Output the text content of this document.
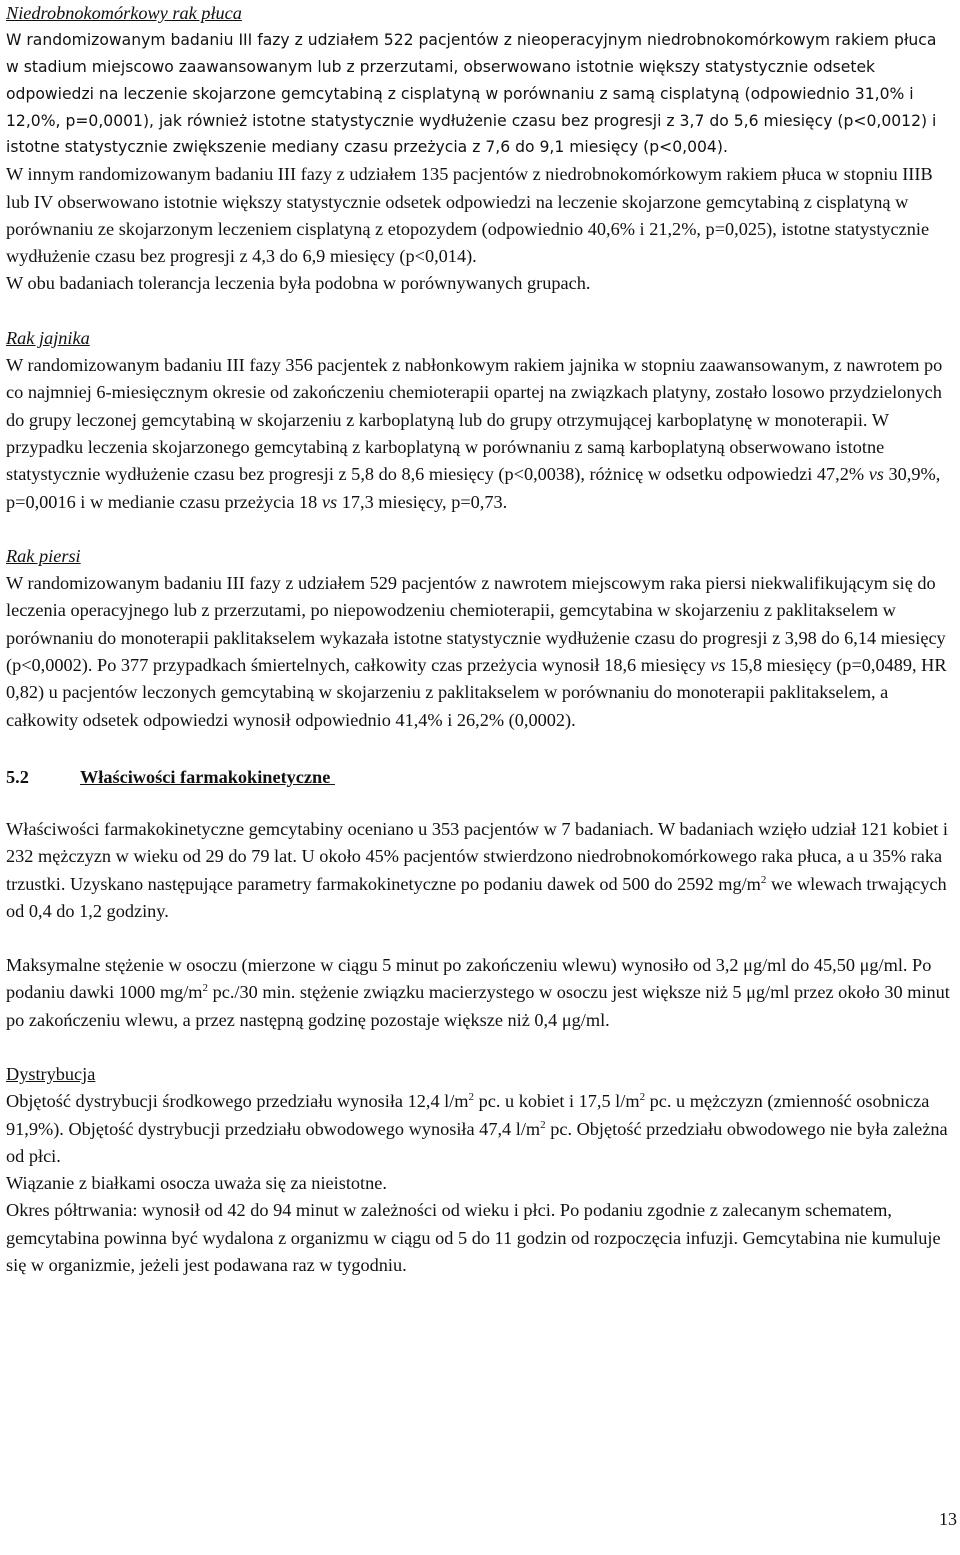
Niedrobnokomórkowy rak płuca

W randomizowanym badaniu III fazy z udziałem 522 pacjentów z nieoperacyjnym niedrobnokomórkowym rakiem płuca w stadium miejscowo zaawansowanym lub z przerzutami, obserwowano istotnie większy statystycznie odsetek odpowiedzi na leczenie skojarzone gemcytabiną z cisplatyną w porównaniu z samą cisplatyną (odpowiednio 31,0% i 12,0%, p=0,0001), jak również istotne statystycznie wydłużenie czasu bez progresji z 3,7 do 5,6 miesięcy (p<0,0012) i istotne statystycznie zwiększenie mediany czasu przeżycia z 7,6 do 9,1 miesięcy (p<0,004).

W innym randomizowanym badaniu III fazy z udziałem 135 pacjentów z niedrobnokomórkowym rakiem płuca w stopniu IIIB lub IV obserwowano istotnie większy statystycznie odsetek odpowiedzi na leczenie skojarzone gemcytabiną z cisplatyną w porównaniu ze skojarzonym leczeniem cisplatyną z etopozydem (odpowiednio 40,6% i 21,2%, p=0,025), istotne statystycznie wydłużenie czasu bez progresji z 4,3 do 6,9 miesięcy (p<0,014).

W obu badaniach tolerancja leczenia była podobna w porównywanych grupach.

Rak jajnika

W randomizowanym badaniu III fazy 356 pacjentek z nabłonkowym rakiem jajnika w stopniu zaawansowanym, z nawrotem po co najmniej 6-miesięcznym okresie od zakończeniu chemioterapii opartej na związkach platyny, zostało losowo przydzielonych do grupy leczonej gemcytabiną w skojarzeniu z karboplatyną lub do grupy otrzymującej karboplatynę w monoterapii. W przypadku leczenia skojarzonego gemcytabiną z karboplatyną w porównaniu z samą karboplatyną obserwowano istotne statystycznie wydłużenie czasu bez progresji z 5,8 do 8,6 miesięcy (p<0,0038), różnicę w odsetku odpowiedzi 47,2% vs 30,9%, p=0,0016 i w medianie czasu przeżycia 18 vs 17,3 miesięcy, p=0,73.

Rak piersi

W randomizowanym badaniu III fazy z udziałem 529 pacjentów z nawrotem miejscowym raka piersi niekwalifikującym się do leczenia operacyjnego lub z przerzutami, po niepowodzeniu chemioterapii, gemcytabina w skojarzeniu z paklitakselem w porównaniu do monoterapii paklitakselem wykazała istotne statystycznie wydłużenie czasu do progresji z 3,98 do 6,14 miesięcy (p<0,0002). Po 377 przypadkach śmiertelnych, całkowity czas przeżycia wynosił 18,6 miesięcy vs 15,8 miesięcy (p=0,0489, HR 0,82) u pacjentów leczonych gemcytabiną w skojarzeniu z paklitakselem w porównaniu do monoterapii paklitakselem, a całkowity odsetek odpowiedzi wynosił odpowiednio 41,4% i 26,2% (0,0002).

5.2	Właściwości farmakokinetyczne

Właściwości farmakokinetyczne gemcytabiny oceniano u 353 pacjentów w 7 badaniach. W badaniach wzięło udział 121 kobiet i 232 mężczyzn w wieku od 29 do 79 lat. U około 45% pacjentów stwierdzono niedrobnokomórkowego raka płuca, a u 35% raka trzustki. Uzyskano następujące parametry farmakokinetyczne po podaniu dawek od 500 do 2592 $mg/m^2$ we wlewach trwających od 0,4 do 1,2 godziny.

Maksymalne stężenie w osoczu (mierzone w ciągu 5 minut po zakończeniu wlewu) wynosiło od 3,2 μg/ml do 45,50 μg/ml. Po podaniu dawki 1000 $mg/m^2$ pc./30 min. stężenie związku macierzystego w osoczu jest większe niż 5 μg/ml przez około 30 minut po zakończeniu wlewu, a przez następną godzinę pozostaje większe niż 0,4 μg/ml.

Dystrybucja

Objętość dystrybucji środkowego przedziału wynosiła 12,4 $l/m^2$ pc. u kobiet i 17,5 $l/m^2$ pc. u mężczyzn (zmienność osobnicza 91,9%). Objętość dystrybucji przedziału obwodowego wynosiła 47,4 $l/m^2$ pc. Objętość przedziału obwodowego nie była zależna od płci.

Wiązanie z białkami osocza uważa się za nieistotne.

Okres półtrwania: wynosił od 42 do 94 minut w zależności od wieku i płci. Po podaniu zgodnie z zalecanym schematem, gemcytabina powinna być wydalona z organizmu w ciągu od 5 do 11 godzin od rozpoczęcia infuzji. Gemcytabina nie kumuluje się w organizmie, jeżeli jest podawana raz w tygodniu.

13
